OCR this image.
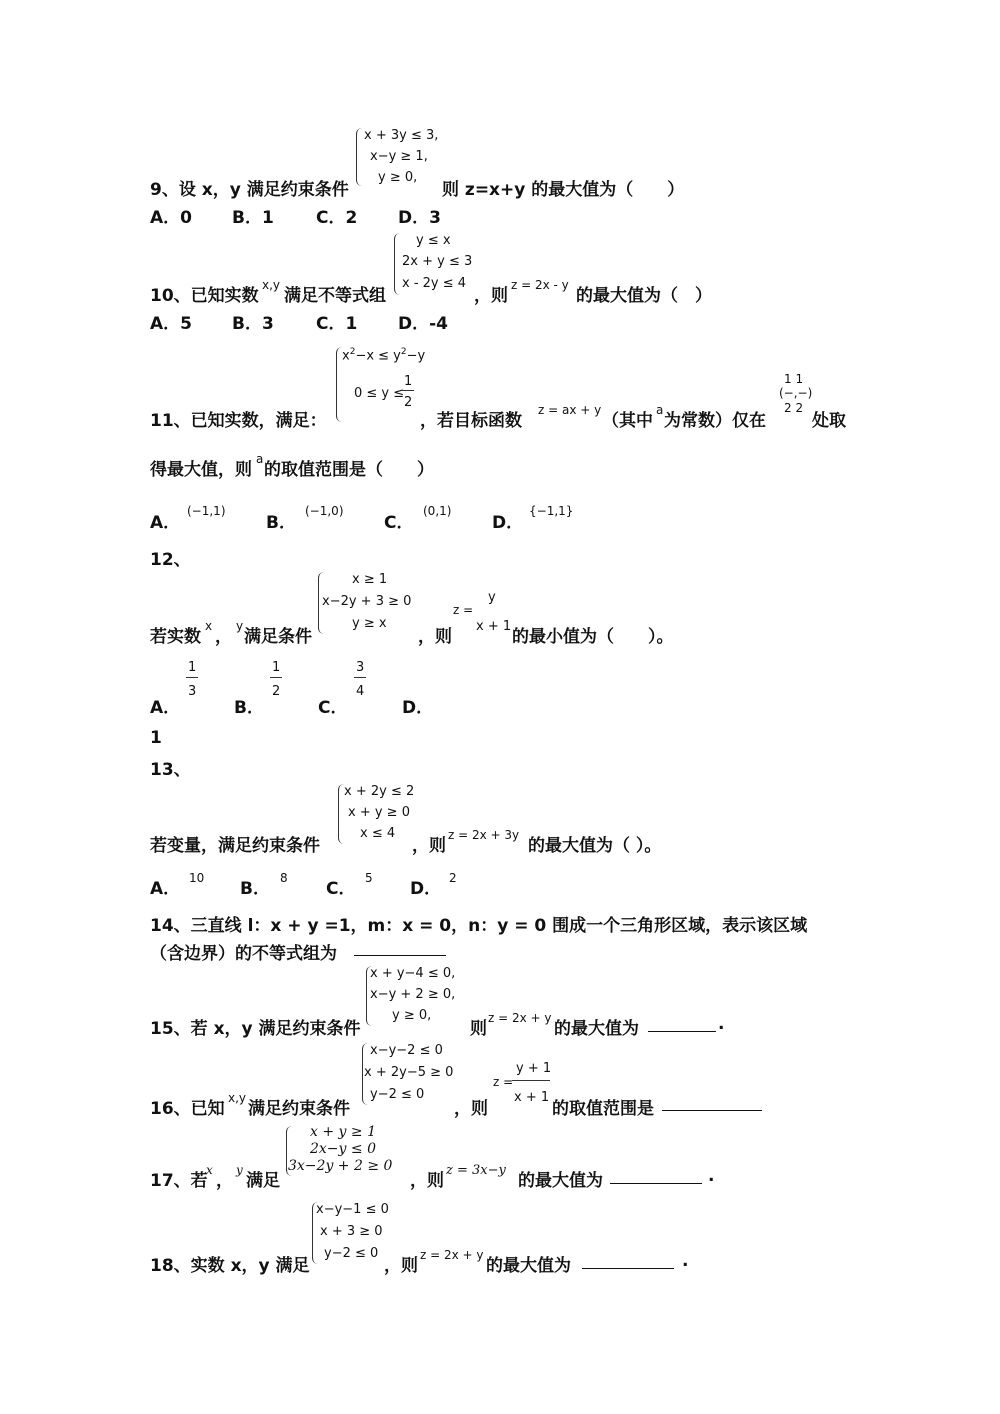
x + 3y ≤ 3,
x−y ≥ 1,
y ≥ 0,
9、设 x，y 满足约束条件	则 z=x+y 的最大值为（　　）
A．0 B．1 C．2 D．3
y ≤ x
2x + y ≤ 3
x - 2y ≤ 4
10、已知实数
x,y
满足不等式组	，则
z = 2x - y
的最大值为（　）
A．5 B．3 C．1 D．-4
$x^2-x \le y^2-y$
0 ≤ y ≤
1
2
11、已知实数，满足：	，若目标函数
z = ax + y
（其中
a
为常数）仅在
1 1
(−,−)
2 2
处取
得最大值，则
a
的取值范围是（　　）
A．
(−1,1)
B．
(−1,0)
C．
(0,1)
D．
{−1,1}
12、
x ≥ 1
x−2y + 3 ≥ 0
y ≥ x
若实数
x
，
y
满足条件	，则
z =
y
x + 1
的最小值为（　　）。
1
3
A．
1
2
B．
3
4
C．	D．
1
13、
x + 2y ≤ 2
x + y ≥ 0
x ≤ 4
若变量，满足约束条件	，则
z = 2x + 3y
的最大值为（ ）。
A．
10
B．
8
C．
5
D．
2
14、三直线 l：x + y =1，m：x = 0，n：y = 0 围成一个三角形区域，表示该区域
（含边界）的不等式组为
x + y−4 ≤ 0,
x−y + 2 ≥ 0,
y ≥ 0,
15、若 x，y 满足约束条件	则
z = 2x + y
的最大值为	.
x−y−2 ≤ 0
x + 2y−5 ≥ 0
y−2 ≤ 0
16、已知
x,y
满足约束条件	，则
z =
y + 1
x + 1
的取值范围是
x + y ≥ 1
2x−y ≤ 0
3x−2y + 2 ≥ 0
17、若
x
，
y
满足	，则
z = 3x−y
的最大值为	.
x−y−1 ≤ 0
x + 3 ≥ 0
y−2 ≤ 0
18、实数 x，y 满足	，则
z = 2x + y
的最大值为	.
